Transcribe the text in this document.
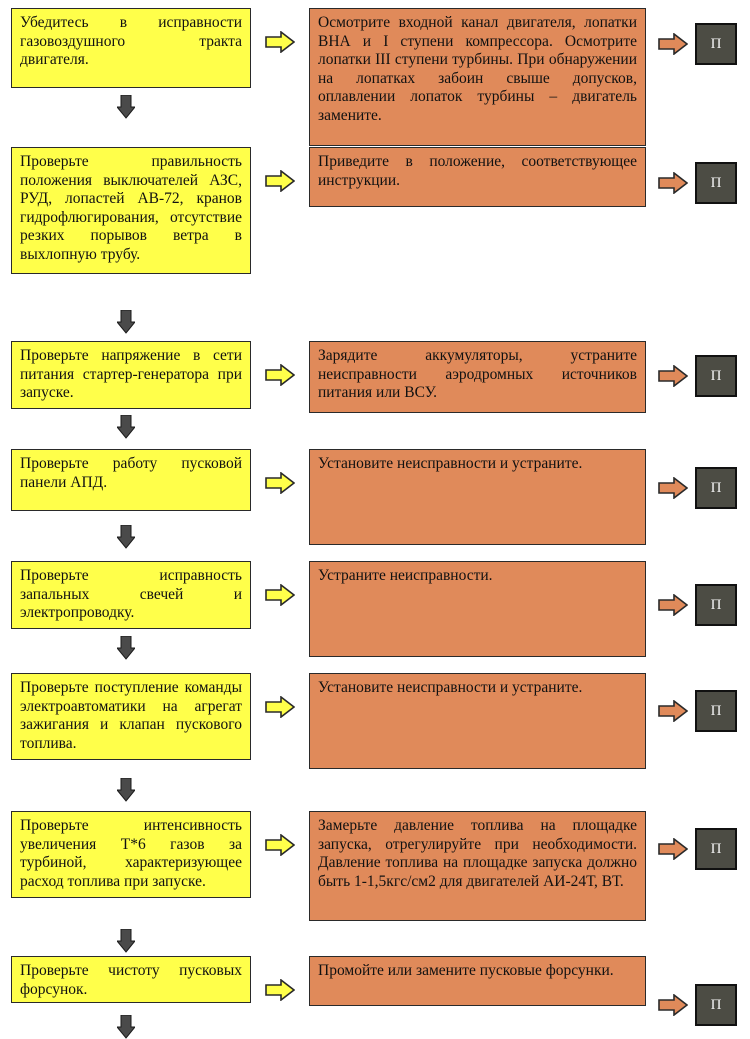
Убедитесь в исправности газовоздушного тракта двигателя.
Осмотрите входной канал двигателя, лопатки ВНА и I ступени компрессора. Осмотрите лопатки III ступени турбины. При обнаружении на лопатках забоин свыше допусков, оплавлении лопаток турбины – двигатель замените.
П
Проверьте правильность положения выключателей АЗС, РУД, лопастей АВ-72, кранов гидрофлюгирования, отсутствие резких порывов ветра в выхлопную трубу.
Приведите в положение, соответствующее инструкции.	П
Проверьте напряжение в сети питания стартер-генератора при запуске.
Зарядите аккумуляторы, устраните неисправности аэродромных источников питания или ВСУ.
П
Проверьте работу пусковой панели АПД.
Установите неисправности и устраните.
П
Проверьте исправность запальных свечей и электропроводку.
Устраните неисправности.
П
Проверьте поступление команды электроавтоматики на агрегат зажигания и клапан пускового топлива.
Установите неисправности и устраните.
П
Проверьте интенсивность увеличения Т*6 газов за турбиной, характеризующее расход топлива при запуске.
Замерьте давление топлива на площадке запуска, отрегулируйте при необходимости. Давление топлива на площадке запуска должно быть 1-1,5кгс/см2 для двигателей АИ-24Т, ВТ.
П
Проверьте чистоту пусковых форсунок.
Промойте или замените пусковые форсунки.
П
